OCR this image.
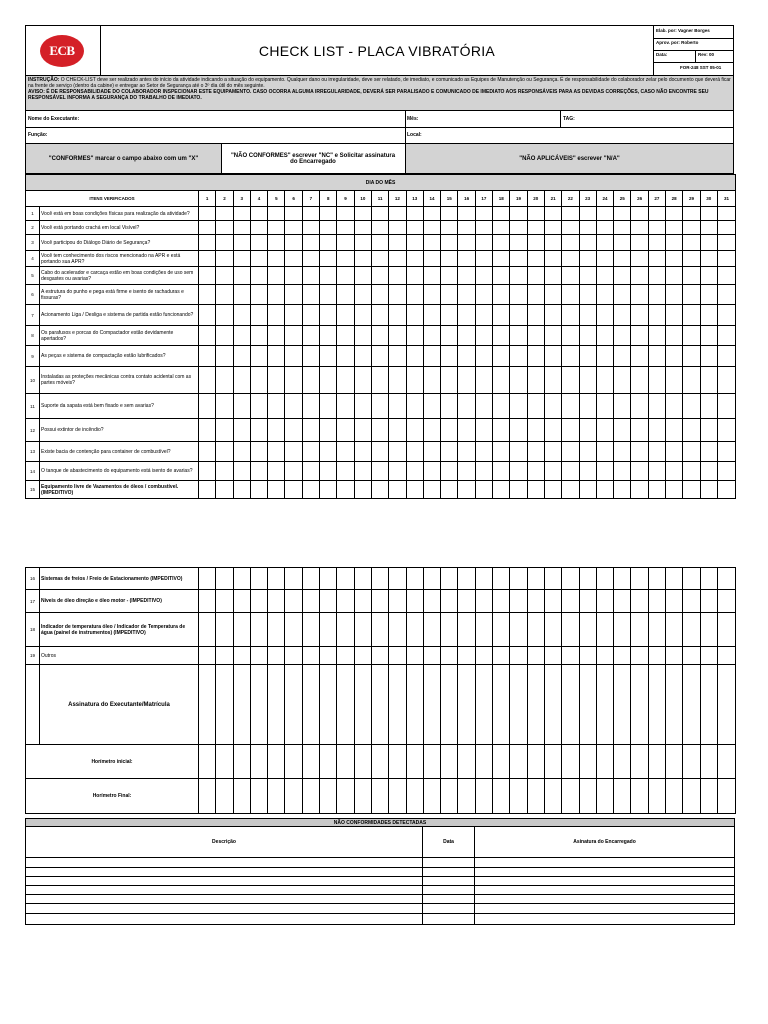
ECB	CHECK LIST - PLACA VIBRATÓRIA
Elab. por: Vagner Borges
Aprov. por: Roberto
Data:	Rev: 00
FOR-248 SST 05-01
INSTRUÇÃO: O CHECK-LIST deve ser realizado antes do início da atividade indicando a situação do equipamento. Qualquer dano ou irregularidade, deve ser relatado, de imediato, e comunicado as Equipes de Manutenção ou Segurança. É de responsabilidade do colaborador zelar pelo documento que deverá ficar na frente de serviço (dentro da cabine) e entregar ao Setor de Segurança até o 3º dia útil do mês seguinte.
AVISO: É DE RESPONSABILIDADE DO COLABORADOR INSPECIONAR ESTE EQUIPAMENTO. CASO OCORRA ALGUMA IRREGULARIDADE, DEVERÁ SER PARALISADO E COMUNICADO DE IMEDIATO AOS RESPONSÁVEIS PARA AS DEVIDAS CORREÇÕES, CASO NÃO ENCONTRE SEU RESPONSÁVEL INFORMA A SEGURANÇA DO TRABALHO DE IMEDIATO.
Nome do Executante:	Mês:	TAG:
Função:	Local:
"CONFORMES" marcar o campo abaixo com um "X"	"NÃO CONFORMES" escrever "NC" e Solicitar assinatura do Encarregado	"NÃO APLICÁVEIS" escrever "N/A"
DIA DO MÊS																																
ITENS VERIFICADOS		1	2	3	4	5	6	7	8	9	10	11	12	13	14	15	16	17	18	19	20	21	22	23	24	25	26	27	28	29	30	31
1	Você está em boas condições físicas para realização da atividade?																															
2	Você está portando crachá em local Visível?																															
3	Você participou do Diálogo Diário de Segurança?																															
4	Você tem conhecimento dos riscos mencionado na APR e está portando sua APR?																															
5	Cabo do acelerador e carcaça estão em boas condições de uso sem desgastes ou avarias?																															
6	A estrutura do punho e pega está firme e isento de rachaduras e fissuras?																															
7	Acionamento Liga / Desliga e sistema de partida estão funcionando?																															
8	Os parafusos e porcas do Compactador estão devidamente apertados?																															
9	As peças e sistema de compactação estão lubrificados?																															
10	Instaladas as proteções mecânicas contra contato acidental com as partes móveis?																															
11	Suporte da sapata está bem fixado e sem avarias?																															
12	Possui extintor de incêndio?																															
13	Existe bacia de contenção para container de combustível?																															
14	O tanque de abastecimento do equipamento está isento de avarias?																															
15	Equipamento livre de Vazamentos de óleos / combustível. (IMPEDITIVO)																															
16	Sistemas de freios / Freio de Estacionamento (IMPEDITIVO)																															
17	Níveis de óleo direção e óleo motor - (IMPEDITIVO)																															
18	Indicador de temperatura óleo / Indicador de Temperatura de água (painel de instrumentos) (IMPEDITIVO)																															
19	Outros																															
	Assinatura do Executante/Matrícula																															
Horímetro inicial:																																
Horímetro Final:																																
NÃO CONFORMIDADES DETECTADAS		
Descrição	Data	Asinatura do Encarregado
